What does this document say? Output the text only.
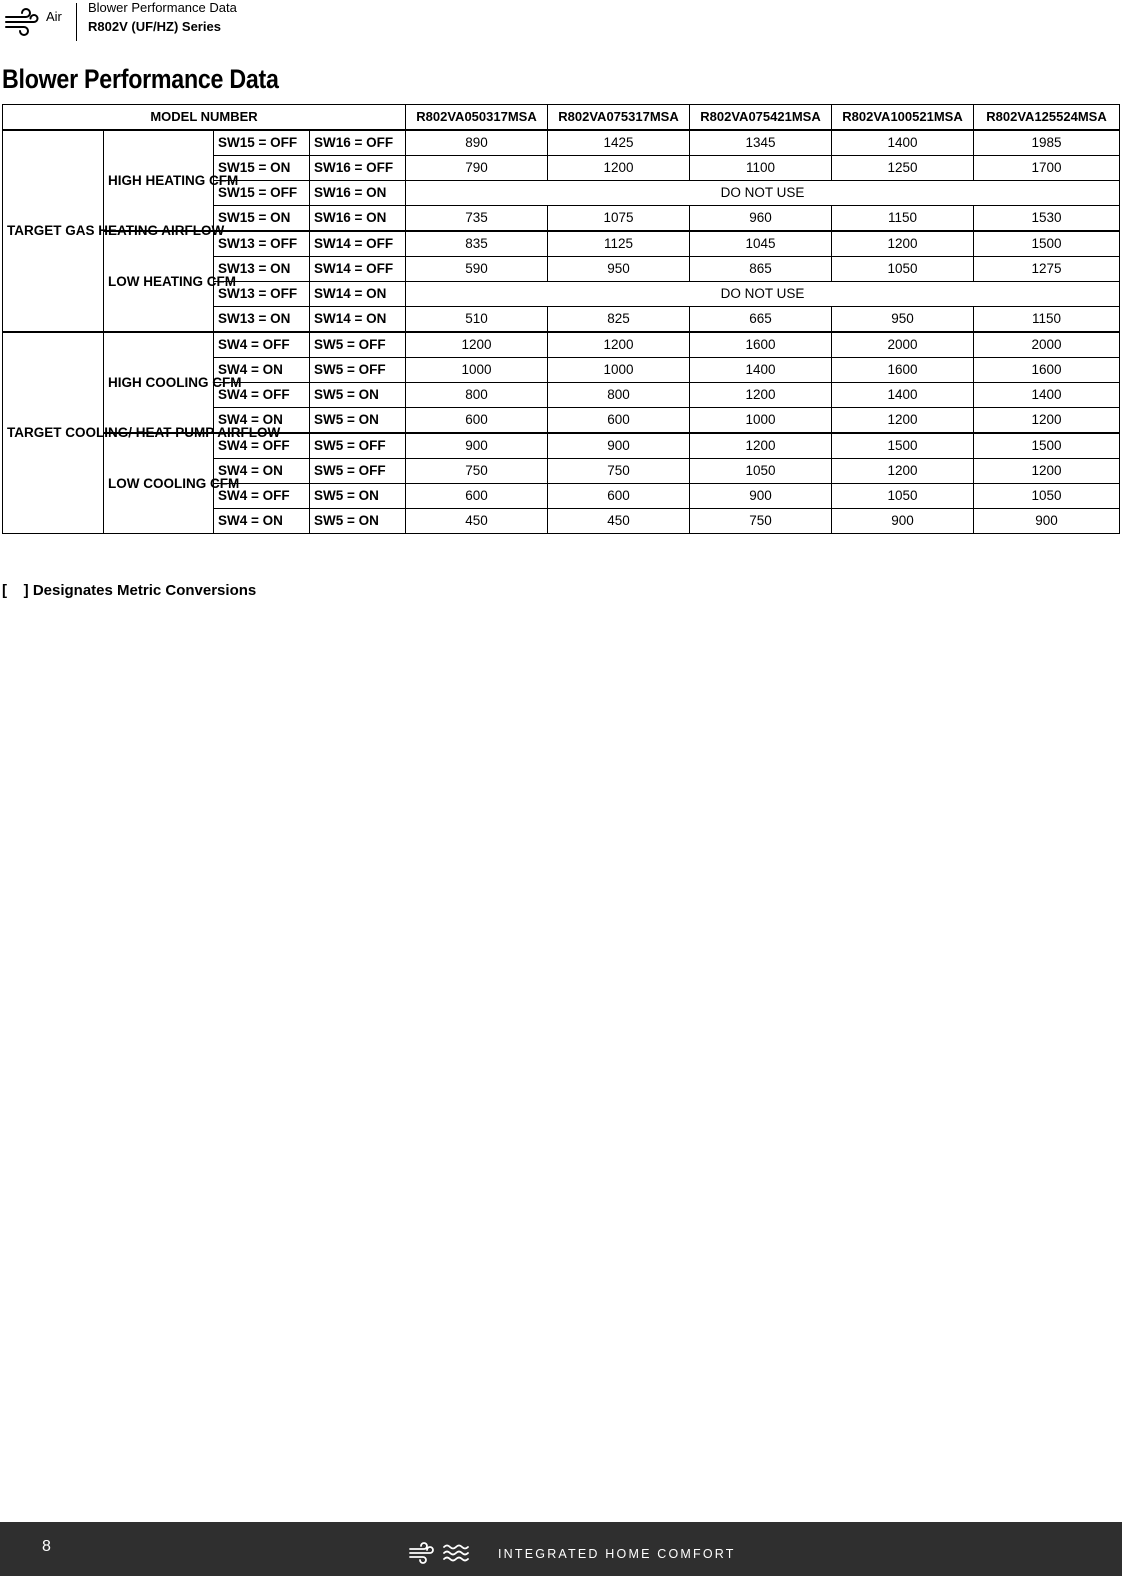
Air
Blower Performance Data
R802V (UF/HZ) Series
Blower Performance Data
MODEL NUMBER				R802VA050317MSA	R802VA075317MSA	R802VA075421MSA	R802VA100521MSA	R802VA125524MSA
TARGET GAS HEATING AIRFLOW	HIGH HEATING CFM	SW15 = OFF	SW16 = OFF	890	1425	1345	1400	1985
		SW15 = ON	SW16 = OFF	790	1200	1100	1250	1700
		SW15 = OFF	SW16 = ON	DO NOT USE				
		SW15 = ON	SW16 = ON	735	1075	960	1150	1530
	LOW HEATING CFM	SW13 = OFF	SW14 = OFF	835	1125	1045	1200	1500
		SW13 = ON	SW14 = OFF	590	950	865	1050	1275
		SW13 = OFF	SW14 = ON	DO NOT USE				
		SW13 = ON	SW14 = ON	510	825	665	950	1150
TARGET COOLING/ HEAT-PUMP AIRFLOW	HIGH COOLING CFM	SW4 = OFF	SW5 = OFF	1200	1200	1600	2000	2000
		SW4 = ON	SW5 = OFF	1000	1000	1400	1600	1600
		SW4 = OFF	SW5 = ON	800	800	1200	1400	1400
		SW4 = ON	SW5 = ON	600	600	1000	1200	1200
	LOW COOLING CFM	SW4 = OFF	SW5 = OFF	900	900	1200	1500	1500
		SW4 = ON	SW5 = OFF	750	750	1050	1200	1200
		SW4 = OFF	SW5 = ON	600	600	900	1050	1050
		SW4 = ON	SW5 = ON	450	450	750	900	900
[    ] Designates Metric Conversions
8	INTEGRATED HOME COMFORT
